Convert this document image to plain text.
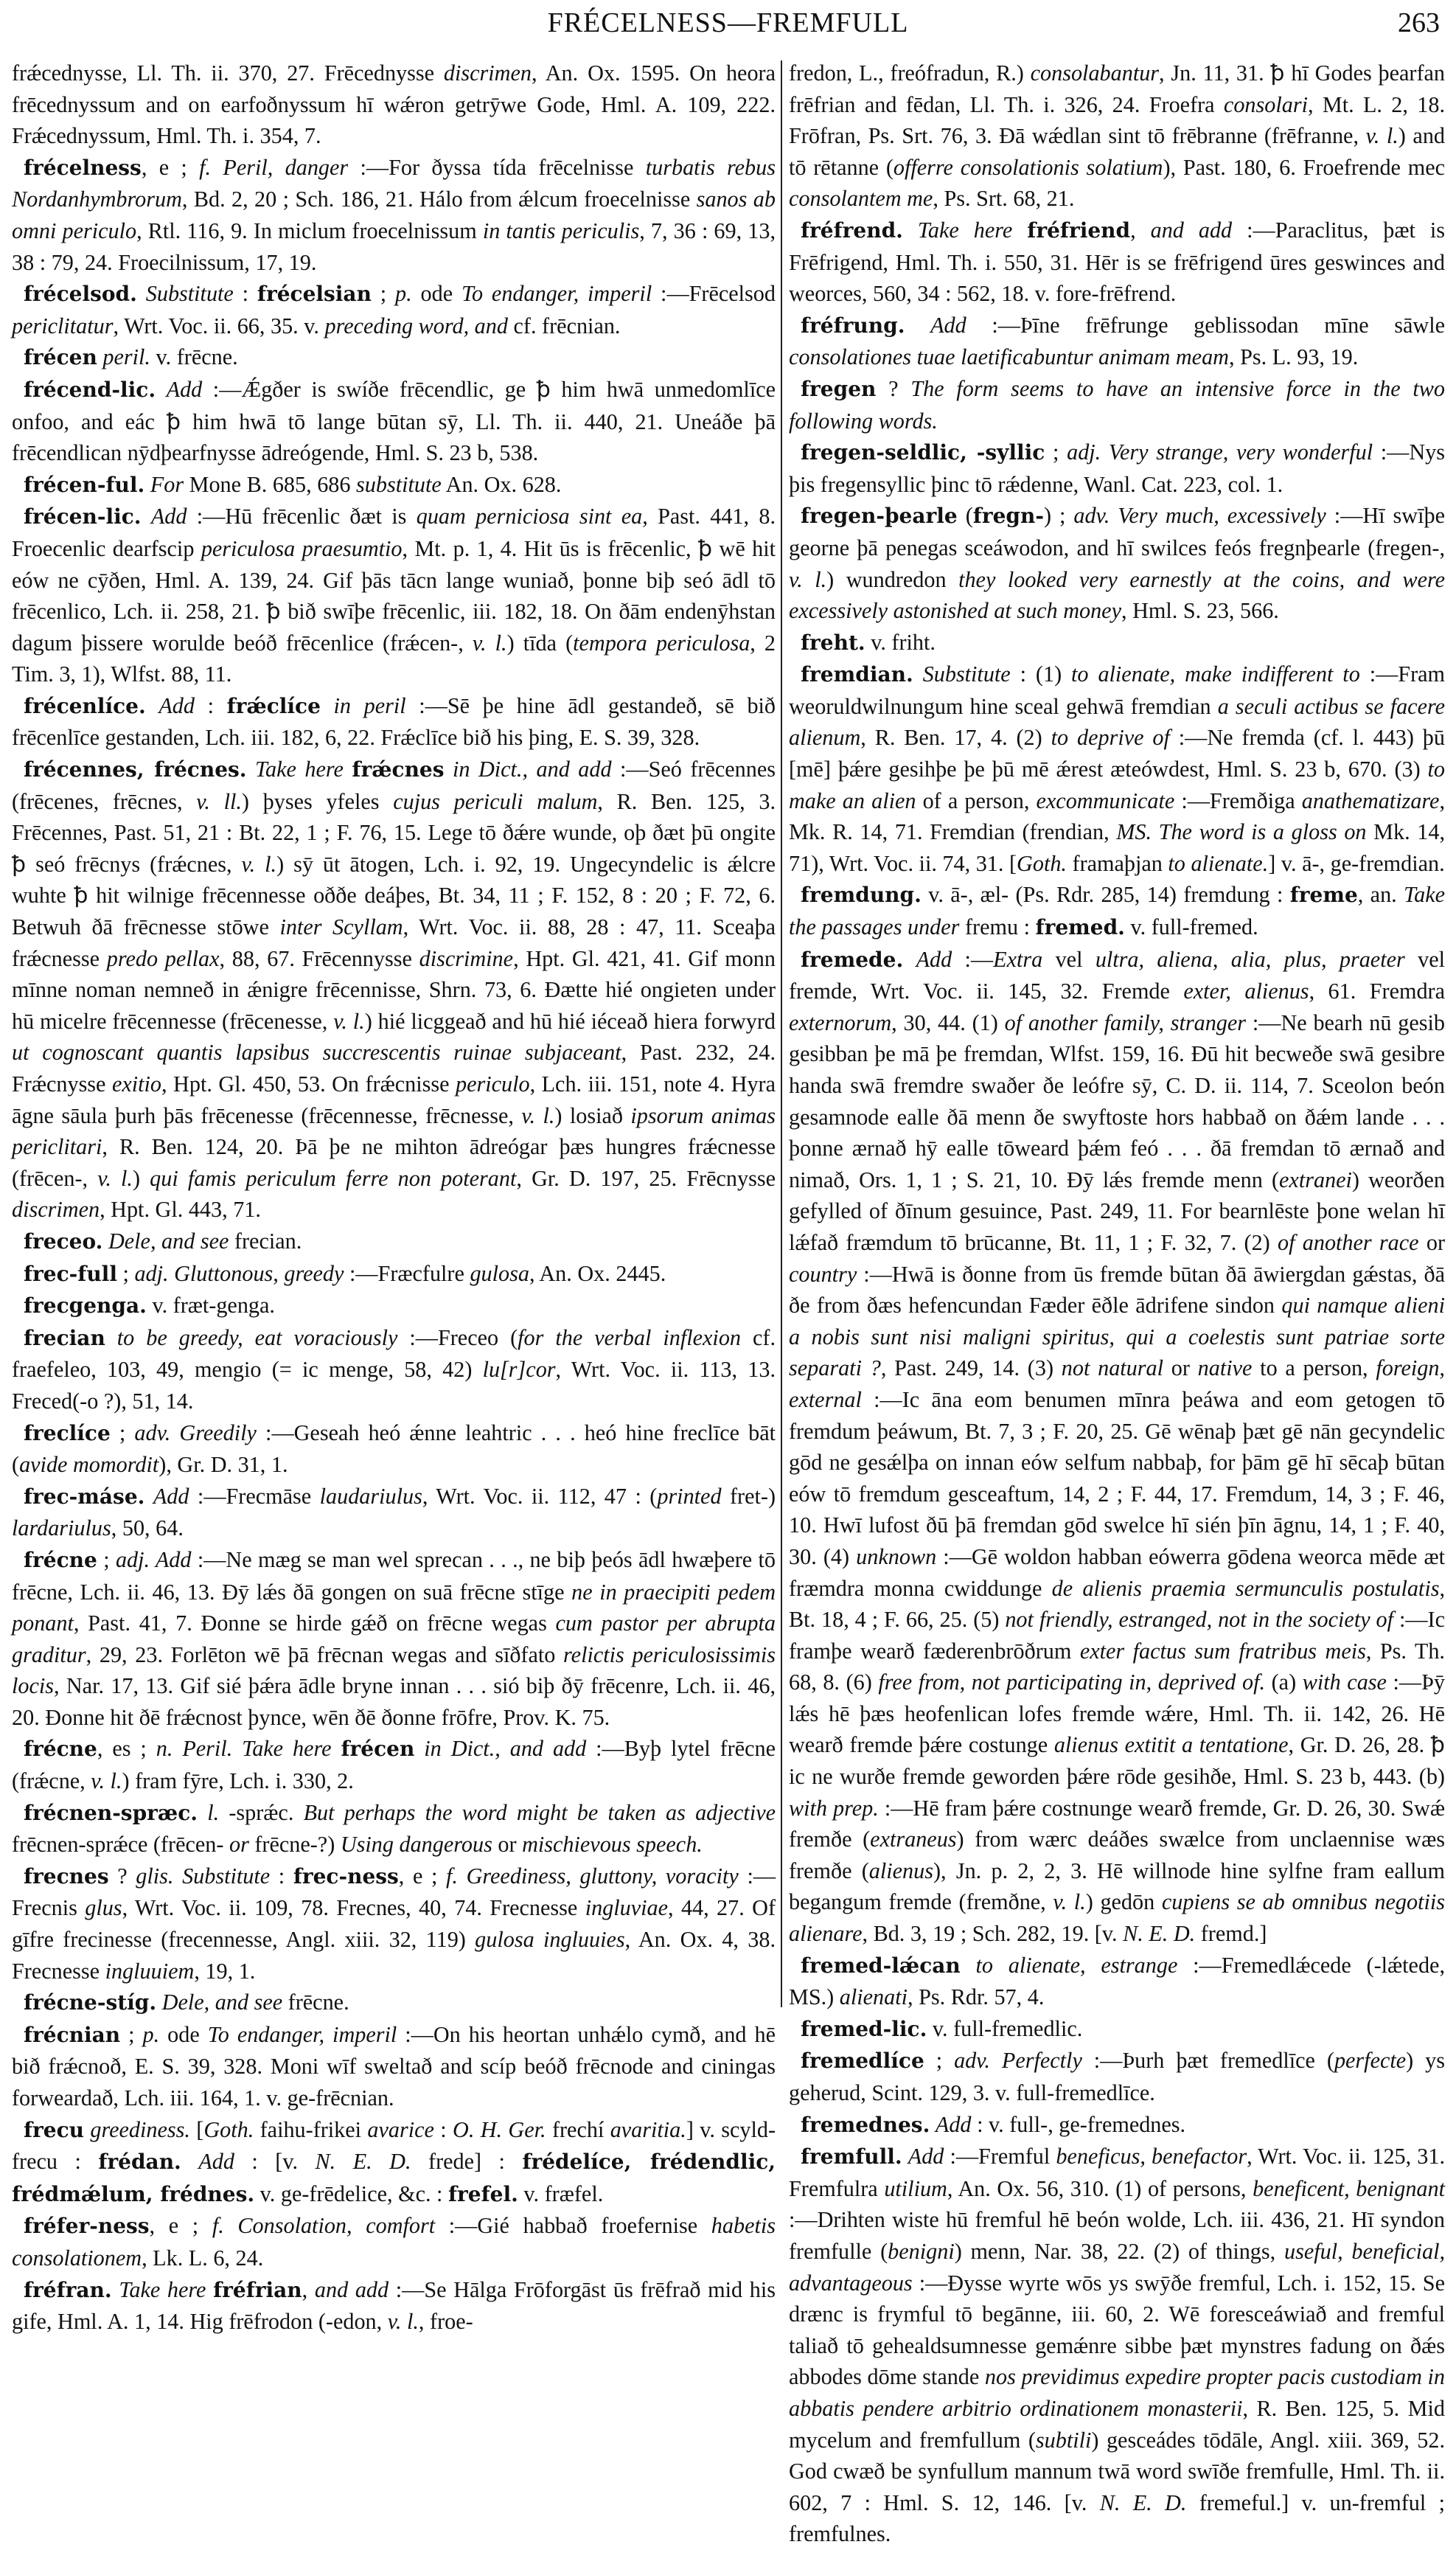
FRÉCELNESS—FREMFULL	263

frǽcednysse, Ll. Th. ii. 370, 27. Frēcednysse discrimen, An. Ox. 1595. On heora frēcednyssum and on earfoðnyssum hī wǽron getrȳwe Gode, Hml. A. 109, 222. Frǽcednyssum, Hml. Th. i. 354, 7.

frécelness, e ; f. Peril, danger :—For ðyssa tída frēcelnisse turbatis rebus Nordanhymbrorum, Bd. 2, 20 ; Sch. 186, 21. Hálo from ǽlcum froecelnisse sanos ab omni periculo, Rtl. 116, 9. In miclum froecelnissum in tantis periculis, 7, 36 : 69, 13, 38 : 79, 24. Froecilnissum, 17, 19.

frécelsod. Substitute : frécelsian ; p. ode To endanger, imperil :—Frēcelsod periclitatur, Wrt. Voc. ii. 66, 35. v. preceding word, and cf. frēcnian.

frécen peril. v. frēcne.

frécend-lic. Add :—Ǽgðer is swíðe frēcendlic, ge ꝥ him hwā unmedomlīce onfoo, and eác ꝥ him hwā tō lange būtan sȳ, Ll. Th. ii. 440, 21. Uneáðe þā frēcendlican nȳdþearfnysse ādreógende, Hml. S. 23 b, 538.

frécen-ful. For Mone B. 685, 686 substitute An. Ox. 628.

frécen-lic. Add :—Hū frēcenlic ðæt is quam perniciosa sint ea, Past. 441, 8. Froecenlic dearfscip periculosa praesumtio, Mt. p. 1, 4. Hit ūs is frēcenlic, ꝥ wē hit eów ne cȳðen, Hml. A. 139, 24. Gif þās tācn lange wuniað, þonne biþ seó ādl tō frēcenlico, Lch. ii. 258, 21. ꝥ bið swīþe frēcenlic, iii. 182, 18. On ðām endenȳhstan dagum þissere woruldе beóð frēcenlice (frǽcen-, v. l.) tīda (tempora periculosa, 2 Tim. 3, 1), Wlfst. 88, 11.

frécenlíce. Add : frǽclíce in peril :—Sē þe hine ādl gestandeð, sē bið frēcenlīce gestanden, Lch. iii. 182, 6, 22. Frǽclīce bið his þing, E. S. 39, 328.

frécennes, frécnes. Take here frǽcnes in Dict., and add :—Seó frēcennes (frēcenes, frēcnes, v. ll.) þyses yfeles cujus periculi malum, R. Ben. 125, 3. Frēcennes, Past. 51, 21 : Bt. 22, 1 ; F. 76, 15. Lege tō ðǽre wunde, oþ ðæt þū ongite ꝥ seó frēcnys (frǽcnes, v. l.) sȳ ūt ātogen, Lch. i. 92, 19. Ungecyndelic is ǽlcre wuhte ꝥ hit wilnige frēcennesse oððe deáþes, Bt. 34, 11 ; F. 152, 8 : 20 ; F. 72, 6. Betwuh ðā frēcnesse stōwe inter Scyllam, Wrt. Voc. ii. 88, 28 : 47, 11. Sceaþa frǽcnesse predo pellax, 88, 67. Frēcennysse discrimine, Hpt. Gl. 421, 41. Gif monn mīnne noman nemneð in ǽnigre frēcennisse, Shrn. 73, 6. Ðætte hié ongieten under hū micelre frēcennesse (frēcenesse, v. l.) hié licggeað and hū hié iéceað hiera forwyrd ut cognoscant quantis lapsibus succrescentis ruinae subjaceant, Past. 232, 24. Frǽcnysse exitio, Hpt. Gl. 450, 53. On frǽcnisse periculo, Lch. iii. 151, note 4. Hyra āgne sāula þurh þās frēcenesse (frēcennesse, frēcnesse, v. l.) losiað ipsorum animas periclitari, R. Ben. 124, 20. Þā þe ne mihton ādreógar þæs hungres frǽcnesse (frēcen-, v. l.) qui famis periculum ferre non poterant, Gr. D. 197, 25. Frēcnysse discrimen, Hpt. Gl. 443, 71.

freceo. Dele, and see frecian.

frec-full ; adj. Gluttonous, greedy :—Fræcfulre gulosa, An. Ox. 2445.

frecgenga. v. fræt-genga.

frecian to be greedy, eat voraciously :—Freceo (for the verbal inflexion cf. fraefeleo, 103, 49, mengio (= ic menge, 58, 42) lu[r]cor, Wrt. Voc. ii. 113, 13. Freced(-o ?), 51, 14.

freclíce ; adv. Greedily :—Geseah heó ǽnne leahtric . . . heó hine freclīce bāt (avide momordit), Gr. D. 31, 1.

frec-máse. Add :—Frecmāse laudariulus, Wrt. Voc. ii. 112, 47 : (printed fret-) lardariulus, 50, 64.

frécne ; adj. Add :—Ne mæg se man wel sprecan . . ., ne biþ þeós ādl hwæþere tō frēcne, Lch. ii. 46, 13. Ðȳ lǽs ðā gongen on suā frēcne stīge ne in praecipiti pedem ponant, Past. 41, 7. Ðonne se hirde gǽð on frēcne wegas cum pastor per abrupta graditur, 29, 23. Forlēton wē þā frēcnan wegas and sīðfato relictis periculosissimis locis, Nar. 17, 13. Gif sié þǽra ādle bryne innan . . . sió biþ ðȳ frēcenre, Lch. ii. 46, 20. Ðonne hit ðē frǽcnost þynce, wēn ðē ðonne frōfre, Prov. K. 75.

frécne, es ; n. Peril. Take here frécen in Dict., and add :—Byþ lytel frēcne (frǽcne, v. l.) fram fȳre, Lch. i. 330, 2.

frécnen-spræc. l. -sprǽc. But perhaps the word might be taken as adjective frēcnen-sprǽce (frēcen- or frēcne-?) Using dangerous or mischievous speech.

frecnes ? glis. Substitute : frec-ness, e ; f. Greediness, gluttony, voracity :—Frecnis glus, Wrt. Voc. ii. 109, 78. Frecnes, 40, 74. Frecnesse ingluviae, 44, 27. Of gīfre frecinesse (frecennesse, Angl. xiii. 32, 119) gulosa ingluuies, An. Ox. 4, 38. Frecnesse ingluuiem, 19, 1.

frécne-stíg. Dele, and see frēcne.

frécnian ; p. ode To endanger, imperil :—On his heortan unhǽlo cymð, and hē bið frǽcnoð, E. S. 39, 328. Moni wīf sweltað and scíp beóð frēcnode and ciningas forweardað, Lch. iii. 164, 1. v. ge-frēcnian.

frecu greediness. [Goth. faihu-frikei avarice : O. H. Ger. frechí avaritia.] v. scyld-frecu : frédan. Add : [v. N. E. D. frede] : frédelíce, frédendlic, frédmǽlum, frédnes. v. ge-frēdelice, &c. : frefel. v. fræfel.

fréfer-ness, e ; f. Consolation, comfort :—Gié habbað froefernise habetis consolationem, Lk. L. 6, 24.

fréfran. Take here fréfrian, and add :—Se Hālga Frōforgāst ūs frēfrað mid his gife, Hml. A. 1, 14. Hig frēfrodon (-edon, v. l., froe-

fredon, L., freófradun, R.) consolabantur, Jn. 11, 31. ꝥ hī Godes þearfan frēfrian and fēdan, Ll. Th. i. 326, 24. Froefra consolari, Mt. L. 2, 18. Frōfran, Ps. Srt. 76, 3. Ðā wǽdlan sint tō frēbranne (frēfranne, v. l.) and tō rētanne (offerre consolationis solatium), Past. 180, 6. Froefrende mec consolantem me, Ps. Srt. 68, 21.

fréfrend. Take here fréfriend, and add :—Paraclitus, þæt is Frēfrigend, Hml. Th. i. 550, 31. Hēr is se frēfrigend ūres geswinces and weorces, 560, 34 : 562, 18. v. fore-frēfrend.

fréfrung. Add :—Þīne frēfrunge geblissodan mīne sāwle consolationes tuae laetificabuntur animam meam, Ps. L. 93, 19.

fregen ? The form seems to have an intensive force in the two following words.

fregen-seldlic, -syllic ; adj. Very strange, very wonderful :—Nys þis fregensyllic þinc tō rǽdenne, Wanl. Cat. 223, col. 1.

fregen-þearle (fregn-) ; adv. Very much, excessively :—Hī swīþe georne þā penegas sceáwodon, and hī swilces feós fregnþearle (fregen-, v. l.) wundredon they looked very earnestly at the coins, and were excessively astonished at such money, Hml. S. 23, 566.

freht. v. friht.

fremdian. Substitute : (1) to alienate, make indifferent to :—Fram weoruldwilnungum hine sceal gehwā fremdian a seculi actibus se facere alienum, R. Ben. 17, 4. (2) to deprive of :—Ne fremda (cf. l. 443) þū [mē] þǽre gesihþe þe þū mē ǽrest æteówdest, Hml. S. 23 b, 670. (3) to make an alien of a person, excommunicate :—Fremðiga anathematizare, Mk. R. 14, 71. Fremdian (frendian, MS. The word is a gloss on Mk. 14, 71), Wrt. Voc. ii. 74, 31. [Goth. framaþjan to alienate.] v. ā-, ge-fremdian.

fremdung. v. ā-, æl- (Ps. Rdr. 285, 14) fremdung : freme, an. Take the passages under fremu : fremed. v. full-fremed.

fremede. Add :—Extra vel ultra, aliena, alia, plus, praeter vel fremde, Wrt. Voc. ii. 145, 32. Fremde exter, alienus, 61. Fremdra externorum, 30, 44. (1) of another family, stranger :—Ne bearh nū gesib gesibban þe mā þe fremdan, Wlfst. 159, 16. Ðū hit becweðe swā gesibre handa swā fremdre swaðer ðe leófre sȳ, C. D. ii. 114, 7. Sceolon beón gesamnode ealle ðā menn ðe swyftoste hors habbað on ðǽm lande . . . þonne ærnað hȳ ealle tōweard þǽm feó . . . ðā fremdan tō ærnað and nimað, Ors. 1, 1 ; S. 21, 10. Ðȳ lǽs fremde menn (extranei) weorðen gefylled of ðīnum gesuince, Past. 249, 11. For bearnlēste þone welan hī lǽfað fræmdum tō brūcanne, Bt. 11, 1 ; F. 32, 7. (2) of another race or country :—Hwā is ðonne from ūs fremde būtan ðā āwiergdan gǽstas, ðā ðe from ðæs hefencundan Fæder ēðle ādrifene sindon qui namque alieni a nobis sunt nisi maligni spiritus, qui a coelestis sunt patriae sorte separati ?, Past. 249, 14. (3) not natural or native to a person, foreign, external :—Ic āna eom benumen mīnra þeáwa and eom getogen tō fremdum þeáwum, Bt. 7, 3 ; F. 20, 25. Gē wēnaþ þæt gē nān gecyndelic gōd ne gesǽlþa on innan eów selfum nabbaþ, for þām gē hī sēcaþ būtan eów tō fremdum gesceaftum, 14, 2 ; F. 44, 17. Fremdum, 14, 3 ; F. 46, 10. Hwī lufost ðū þā fremdan gōd swelce hī sién þīn āgnu, 14, 1 ; F. 40, 30. (4) unknown :—Gē woldon habban eówerra gōdena weorca mēde æt fræmdra monna cwiddunge de alienis praemia sermunculis postulatis, Bt. 18, 4 ; F. 66, 25. (5) not friendly, estranged, not in the society of :—Ic framþe wearð fæderenbrōðrum exter factus sum fratribus meis, Ps. Th. 68, 8. (6) free from, not participating in, deprived of. (a) with case :—Þȳ lǽs hē þæs heofenlican lofes fremde wǽre, Hml. Th. ii. 142, 26. Hē wearð fremde þǽre costunge alienus extitit a tentatione, Gr. D. 26, 28. ꝥ ic ne wurðe fremde geworden þǽre rōde gesihðe, Hml. S. 23 b, 443. (b) with prep. :—Hē fram þǽre costnunge wearð fremde, Gr. D. 26, 30. Swǽ fremðe (extraneus) from wærc deáðes swælce from unclaennise wæs fremðe (alienus), Jn. p. 2, 2, 3. Hē willnode hine sylfne fram eallum begangum fremde (fremðne, v. l.) gedōn cupiens se ab omnibus negotiis alienare, Bd. 3, 19 ; Sch. 282, 19. [v. N. E. D. fremd.]

fremed-lǽcan to alienate, estrange :—Fremedlǽcede (-lǽtede, MS.) alienati, Ps. Rdr. 57, 4.

fremed-lic. v. full-fremedlic.

fremedlíce ; adv. Perfectly :—Þurh þæt fremedlīce (perfecte) ys geherud, Scint. 129, 3. v. full-fremedlīce.

fremednes. Add : v. full-, ge-fremednes.

fremfull. Add :—Fremful beneficus, benefactor, Wrt. Voc. ii. 125, 31. Fremfulra utilium, An. Ox. 56, 310. (1) of persons, beneficent, benignant :—Drihten wiste hū fremful hē beón wolde, Lch. iii. 436, 21. Hī syndon fremfulle (benigni) menn, Nar. 38, 22. (2) of things, useful, beneficial, advantageous :—Ðysse wyrte wōs ys swȳðe fremful, Lch. i. 152, 15. Se drænc is frymful tō begānne, iii. 60, 2. Wē foresceáwiað and fremful taliað tō gehealdsumnesse gemǽnre sibbe þæt mynstres fadung on ðǽs abbodes dōme stande nos previdimus expedire propter pacis custodiam in abbatis pendere arbitrio ordinationem monasterii, R. Ben. 125, 5. Mid mycelum and fremfullum (subtili) gesceádes tōdāle, Angl. xiii. 369, 52. God cwæð be synfullum mannum twā word swīðe fremfulle, Hml. Th. ii. 602, 7 : Hml. S. 12, 146. [v. N. E. D. fremeful.] v. un-fremful ; fremfulnes.
